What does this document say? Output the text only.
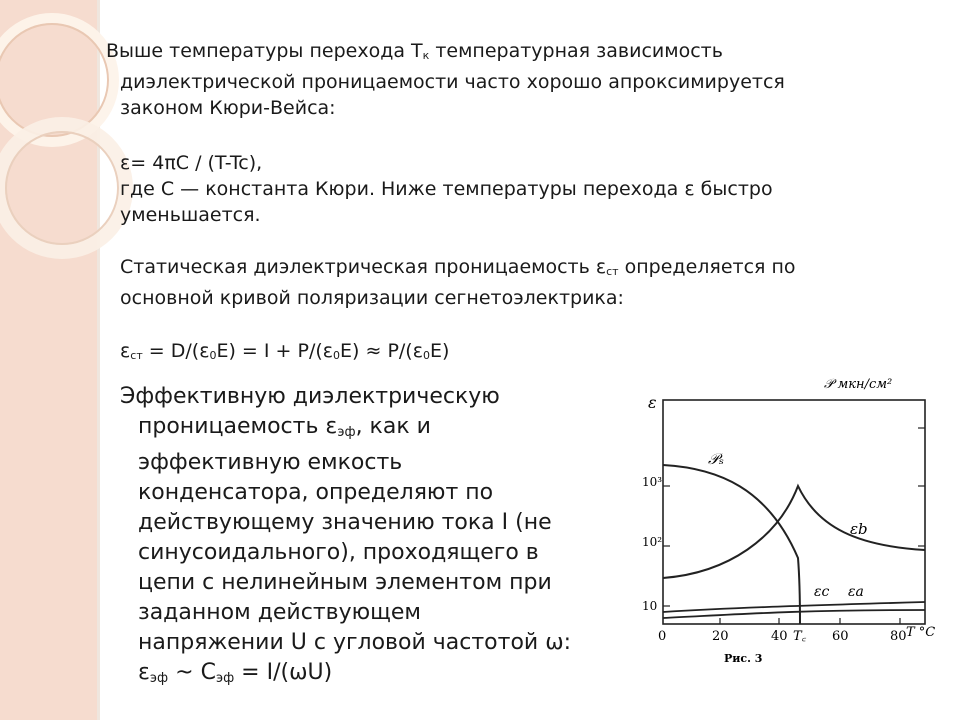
Выше температуры перехода Tк температурная зависимость
диэлектрической проницаемости часто хорошо апроксимируется
законом Кюри-Вейса:

ε= 4πC / (T-Tc),

где C — константа Кюри. Ниже температуры перехода ε быстро
уменьшается.

Статическая диэлектрическая проницаемость εст определяется по
основной кривой поляризации сегнетоэлектрика:

εст = D/(ε0E) = I + P/(ε0E) ≈ P/(ε0E)

Эффективную диэлектрическую
проницаемость εэф, как и
эффективную емкость
конденсатора, определяют по
действующему значению тока I (не
синусоидального), проходящего в
цепи с нелинейным элементом при
заданном действующем
напряжении U с угловой частотой ω:
εэф ~ Cэф = I/(ωU)

ε
𝒫 мкн/см²
10³
10²
10
0	20	40 T꜀ 60	80 T °C
𝒫ₛ
εb
εc εa
Рис. 3
